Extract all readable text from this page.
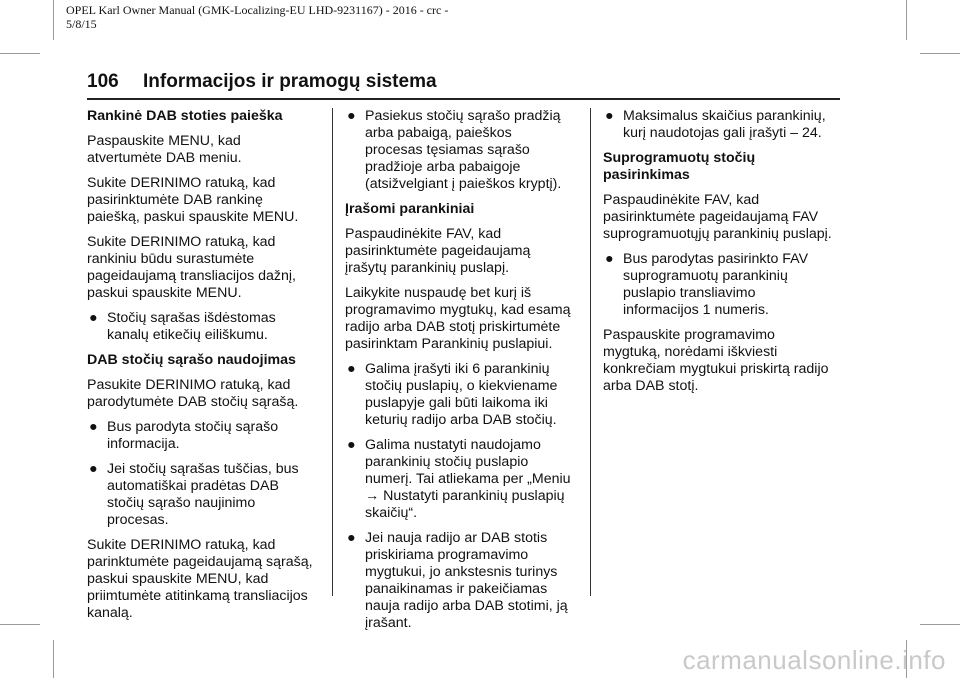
OPEL Karl Owner Manual (GMK-Localizing-EU LHD-9231167) - 2016 - crc -
5/8/15
106 Informacijos ir pramogų sistema
Rankinė DAB stoties paieška
Paspauskite MENU, kad
atvertumėte DAB meniu.
Sukite DERINIMO ratuką, kad
pasirinktumėte DAB rankinę
paiešką, paskui spauskite MENU.
Sukite DERINIMO ratuką, kad
rankiniu būdu surastumėte
pageidaujamą transliacijos dažnį,
paskui spauskite MENU.
● Stočių sąrašas išdėstomas
kanalų etikečių eiliškumu.
DAB stočių sąrašo naudojimas
Pasukite DERINIMO ratuką, kad
parodytumėte DAB stočių sąrašą.
● Bus parodyta stočių sąrašo
informacija.
● Jei stočių sąrašas tuščias, bus
automatiškai pradėtas DAB
stočių sąrašo naujinimo
procesas.
Sukite DERINIMO ratuką, kad
parinktumėte pageidaujamą sąrašą,
paskui spauskite MENU, kad
priimtumėte atitinkamą transliacijos
kanalą.
● Pasiekus stočių sąrašo pradžią
arba pabaigą, paieškos
procesas tęsiamas sąrašo
pradžioje arba pabaigoje
(atsižvelgiant į paieškos kryptį).
Įrašomi parankiniai
Paspaudinėkite FAV, kad
pasirinktumėte pageidaujamą
įrašytų parankinių puslapį.
Laikykite nuspaudę bet kurį iš
programavimo mygtukų, kad esamą
radijo arba DAB stotį priskirtumėte
pasirinktam Parankinių puslapiui.
● Galima įrašyti iki 6 parankinių
stočių puslapių, o kiekviename
puslapyje gali būti laikoma iki
keturių radijo arba DAB stočių.
● Galima nustatyti naudojamo
parankinių stočių puslapio
numerį. Tai atliekama per „Meniu
→ Nustatyti parankinių puslapių
skaičių“.
● Jei nauja radijo ar DAB stotis
priskiriama programavimo
mygtukui, jo ankstesnis turinys
panaikinamas ir pakeičiamas
nauja radijo arba DAB stotimi, ją
įrašant.
● Maksimalus skaičius parankinių,
kurį naudotojas gali įrašyti – 24.
Suprogramuotų stočių
pasirinkimas
Paspaudinėkite FAV, kad
pasirinktumėte pageidaujamą FAV
suprogramuotųjų parankinių puslapį.
● Bus parodytas pasirinkto FAV
suprogramuotų parankinių
puslapio transliavimo
informacijos 1 numeris.
Paspauskite programavimo
mygtuką, norėdami iškviesti
konkrečiam mygtukui priskirtą radijo
arba DAB stotį.
carmanualsonline.info
